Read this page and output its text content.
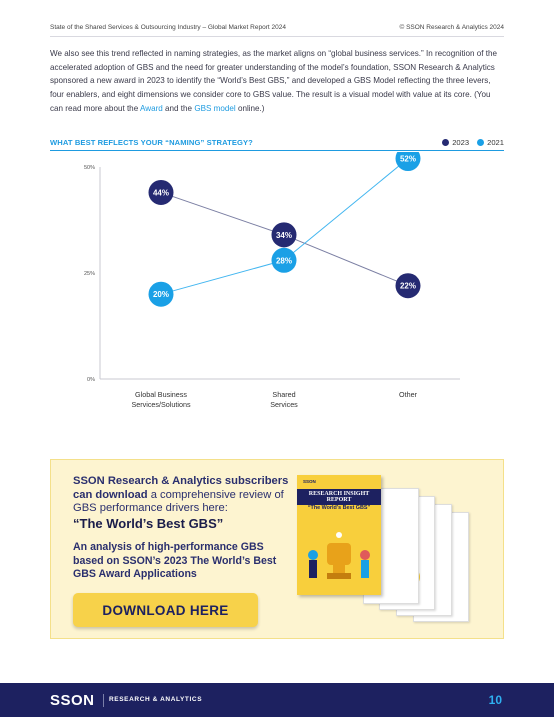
State of the Shared Services & Outsourcing Industry – Global Market Report 2024	© SSON Research & Analytics 2024

We also see this trend reflected in naming strategies, as the market aligns on “global business services.” In recognition of the accelerated adoption of GBS and the need for greater understanding of the model’s foundation, SSON Research & Analytics sponsored a new award in 2023 to identify the “World’s Best GBS,” and developed a GBS Model reflecting the three levers, four enablers, and eight dimensions we consider core to GBS value. The result is a visual model with value at its core. (You can read more about the Award and the GBS model online.)

WHAT BEST REFLECTS YOUR “NAMING” STRATEGY?	2023 2021
0%
25%
50%
Global Business
Services/Solutions
Shared
Services
Other
44%
34%
22%
20%
28%
52%
SSON Research & Analytics subscribers can download a comprehensive review of GBS performance drivers here:
“The World’s Best GBS”
An analysis of high-performance GBS based on SSON’s 2023 The World’s Best GBS Award Applications
DOWNLOAD HERE
SSON
RESEARCH INSIGHT REPORT
“The World’s Best GBS”
SSON RESEARCH & ANALYTICS	10
